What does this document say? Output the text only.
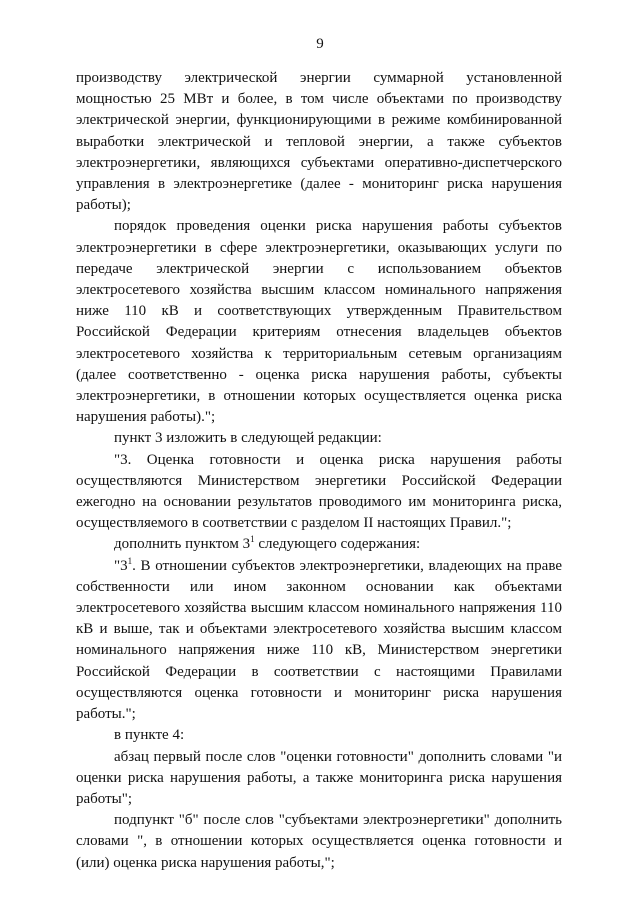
9

производству электрической энергии суммарной установленной мощностью 25 МВт и более, в том числе объектами по производству электрической энергии, функционирующими в режиме комбинированной выработки электрической и тепловой энергии, а также субъектов электроэнергетики, являющихся субъектами оперативно-диспетчерского управления в электроэнергетике (далее - мониторинг риска нарушения работы);

порядок проведения оценки риска нарушения работы субъектов электроэнергетики в сфере электроэнергетики, оказывающих услуги по передаче электрической энергии с использованием объектов электросетевого хозяйства высшим классом номинального напряжения ниже 110 кВ и соответствующих утвержденным Правительством Российской Федерации критериям отнесения владельцев объектов электросетевого хозяйства к территориальным сетевым организациям (далее соответственно - оценка риска нарушения работы, субъекты электроэнергетики, в отношении которых осуществляется оценка риска нарушения работы).";

пункт 3 изложить в следующей редакции:

"3. Оценка готовности и оценка риска нарушения работы осуществляются Министерством энергетики Российской Федерации ежегодно на основании результатов проводимого им мониторинга риска, осуществляемого в соответствии с разделом II настоящих Правил.";

дополнить пунктом $3^1$ следующего содержания:

"$3^1$. В отношении субъектов электроэнергетики, владеющих на праве собственности или ином законном основании как объектами электросетевого хозяйства высшим классом номинального напряжения 110 кВ и выше, так и объектами электросетевого хозяйства высшим классом номинального напряжения ниже 110 кВ, Министерством энергетики Российской Федерации в соответствии с настоящими Правилами осуществляются оценка готовности и мониторинг риска нарушения работы.";

в пункте 4:

абзац первый после слов "оценки готовности" дополнить словами "и оценки риска нарушения работы, а также мониторинга риска нарушения работы";

подпункт "б" после слов "субъектами электроэнергетики" дополнить словами ", в отношении которых осуществляется оценка готовности и (или) оценка риска нарушения работы,";
